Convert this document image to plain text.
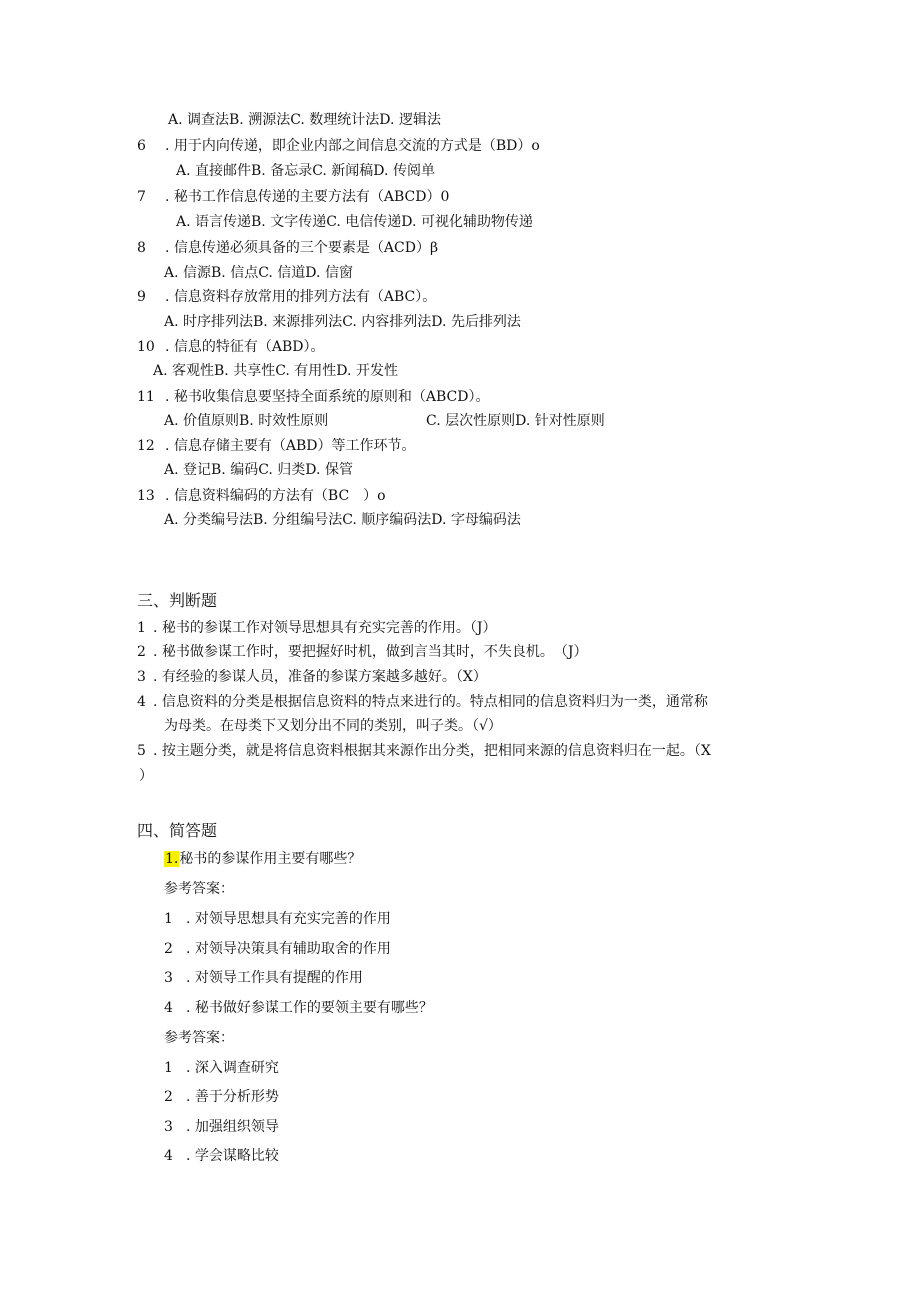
A. 调查法B. 溯源法C. 数理统计法D. 逻辑法
6 . 用于内向传递，即企业内部之间信息交流的方式是（BD）o
A. 直接邮件B. 备忘录C. 新闻稿D. 传阅单
7 . 秘书工作信息传递的主要方法有（ABCD）0
A. 语言传递B. 文字传递C. 电信传递D. 可视化辅助物传递
8 . 信息传递必须具备的三个要素是（ACD）β
A. 信源B. 信点C. 信道D. 信窗
9 . 信息资料存放常用的排列方法有（ABC）。
A. 时序排列法B. 来源排列法C. 内容排列法D. 先后排列法
10 . 信息的特征有（ABD）。
A. 客观性B. 共享性C. 有用性D. 开发性
11 . 秘书收集信息要坚持全面系统的原则和（ABCD）。
A. 价值原则B. 时效性原则	C. 层次性原则D. 针对性原则
12 . 信息存储主要有（ABD）等工作环节。
A. 登记B. 编码C. 归类D. 保管
13 . 信息资料编码的方法有（BC　）o
A. 分类编号法B. 分组编号法C. 顺序编码法D. 字母编码法
三、判断题
1 . 秘书的参谋工作对领导思想具有充实完善的作用。（J）
2 . 秘书做参谋工作时，要把握好时机，做到言当其时，不失良机。　（J）
3 . 有经验的参谋人员，准备的参谋方案越多越好。（X）
4 . 信息资料的分类是根据信息资料的特点来进行的。特点相同的信息资料归为一类，通常称
为母类。在母类下又划分出不同的类别，叫子类。（√）
5 . 按主题分类，就是将信息资料根据其来源作出分类，把相同来源的信息资料归在一起。（X
）
四、简答题
1.秘书的参谋作用主要有哪些？
参考答案：
1 . 对领导思想具有充实完善的作用
2 . 对领导决策具有辅助取舍的作用
3 . 对领导工作具有提醒的作用
4 . 秘书做好参谋工作的要领主要有哪些？
参考答案：
1 . 深入调查研究
2 . 善于分析形势
3 . 加强组织领导
4 . 学会谋略比较
